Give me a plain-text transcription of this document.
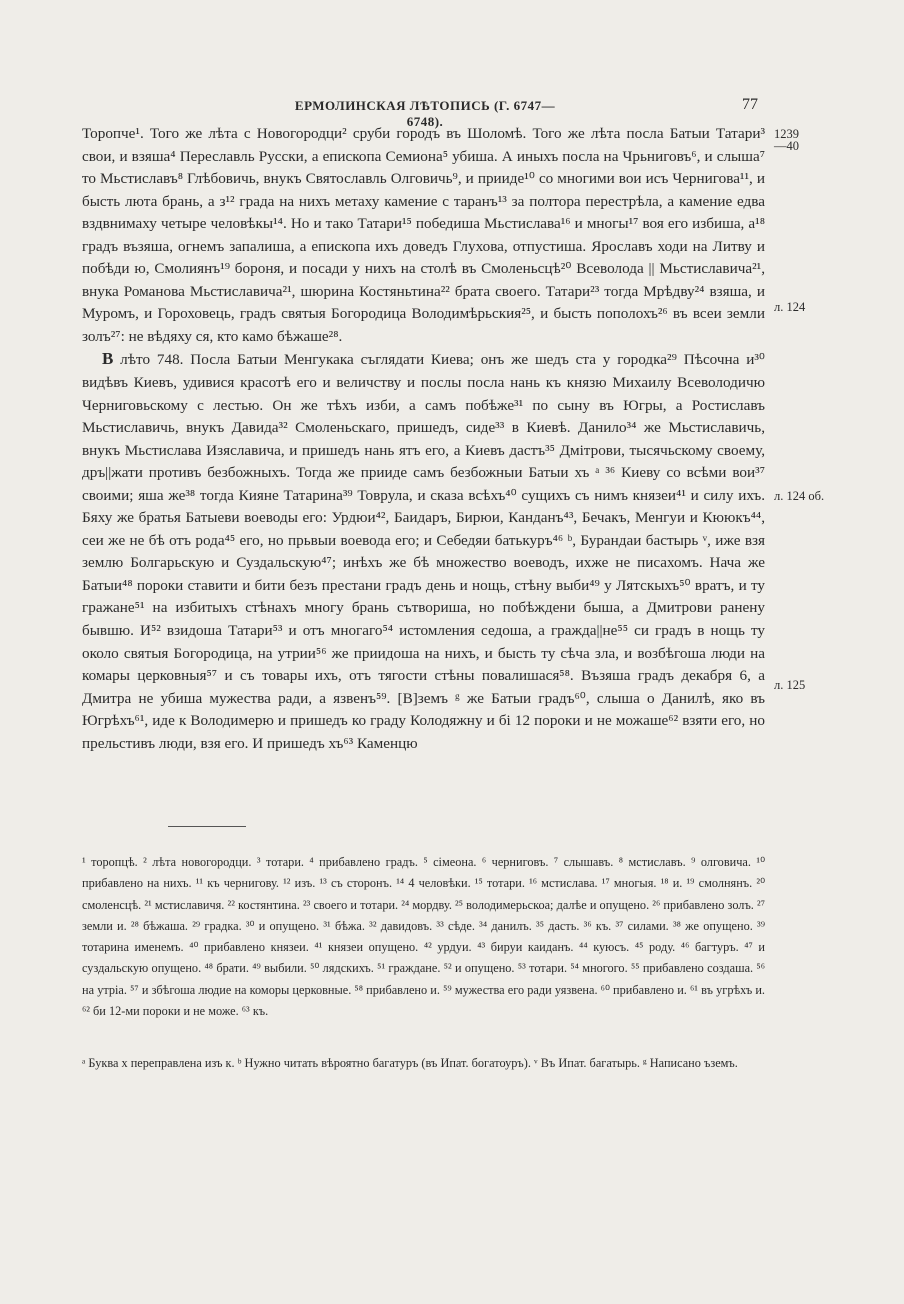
ЕРМОЛИНСКАЯ ЛѢТОПИСЬ (Г. 6747—6748).
77
1239
—40
л. 124
л. 124 об.
л. 125

Торопче¹. Того же лѣта с Новогородци² сруби городъ въ Шоломѣ. Того же лѣта посла Батыи Татари³ свои, и взяша⁴ Переславль Русски, а епископа Семиона⁵ убиша. А иныхъ посла на Чрьниговъ⁶, и слыша⁷ то Мьстиславъ⁸ Глѣбовичь, внукъ Святославль Олговичь⁹, и прииде¹⁰ со многими вои исъ Чернигова¹¹, и бысть люта брань, а з¹² града на нихъ метаху камение с таранъ¹³ за полтора перестрѣла, а камение едва вздвнимаху четыре человѣкы¹⁴. Но и тако Татари¹⁵ победиша Мьстислава¹⁶ и многы¹⁷ воя его избиша, а¹⁸ градъ възяша, огнемъ запалиша, а епископа ихъ доведъ Глухова, отпустиша. Ярославъ ходи на Литву и побѣди ю, Смолиянъ¹⁹ бороня, и посади у нихъ на столѣ въ Смоленьсцѣ²⁰ Всеволода || Мьстиславича²¹, внука Романова Мьстиславича²¹, шюрина Костяньтина²² брата своего. Татари²³ тогда Мрѣдву²⁴ взяша, и Муромъ, и Гороховець, градъ святыя Богородица Володимѣрьския²⁵, и бысть пополохъ²⁶ въ всеи земли золъ²⁷: не вѣдяху ся, кто камо бѣжаше²⁸.

В лѣто 748. Посла Батыи Менгукака съглядати Киева; онъ же шедъ ста у городка²⁹ Пѣсочна и³⁰ видѣвъ Киевъ, удивися красотѣ его и величству и послы посла нань къ князю Михаилу Всеволодичю Черниговьскому с лестью. Он же тѣхъ изби, а самъ побѣже³¹ по сыну въ Югры, а Ростиславъ Мьстиславичь, внукъ Давида³² Смоленьскаго, пришедъ, сиде³³ в Киевѣ. Данило³⁴ же Мьстиславичь, внукъ Мьстислава Изяславича, и пришедъ нань ятъ его, а Киевъ дастъ³⁵ Дмітрови, тысячьскому своему, дръ||жати противъ безбожныхъ. Тогда же прииде самъ безбожныи Батыи хъ ᵃ ³⁶ Киеву со всѣми вои³⁷ своими; яша же³⁸ тогда Кияне Татарина³⁹ Товрула, и сказа всѣхъ⁴⁰ сущихъ съ нимъ князеи⁴¹ и силу ихъ. Бяху же братья Батыеви воеводы его: Урдюи⁴², Баидаръ, Бирюи, Канданъ⁴³, Бечакъ, Менгуи и Кююкъ⁴⁴, сеи же не бѣ отъ рода⁴⁵ его, но прьвыи воевода его; и Себедяи батькуръ⁴⁶ ᵇ, Бурандаи бастырь ᵛ, иже взя землю Болгарьскую и Суздальскую⁴⁷; инѣхъ же бѣ множество воеводъ, ихже не писахомъ. Нача же Батыи⁴⁸ пороки ставити и бити безъ престани градъ день и нощь, стѣну выби⁴⁹ у Лятскыхъ⁵⁰ вратъ, и ту гражане⁵¹ на избитыхъ стѣнахъ многу брань сътвориша, но побѣждени быша, а Дмитрови ранену бывшю. И⁵² взидоша Татари⁵³ и отъ многаго⁵⁴ истомления седоша, а гражда||не⁵⁵ си градъ в нощь ту около святыя Богородица, на утрии⁵⁶ же приидоша на нихъ, и бысть ту сѣча зла, и возбѣгоша люди на комары церковныя⁵⁷ и съ товары ихъ, отъ тягости стѣны повалишася⁵⁸. Възяша градъ декабря 6, а Дмитра не убиша мужества ради, а язвенъ⁵⁹. [В]земъ ᵍ же Батыи градъ⁶⁰, слыша о Данилѣ, яко въ Югрѣхъ⁶¹, иде к Володимерю и пришедъ ко граду Колодяжну и бі 12 пороки и не можаше⁶² взяти его, но прельстивъ люди, взя его. И пришедъ хъ⁶³ Каменцю

¹ торопцѣ. ² лѣта новогородци. ³ тотари. ⁴ прибавлено градъ. ⁵ сімеона. ⁶ черниговъ. ⁷ слышавъ. ⁸ мстиславъ. ⁹ олговича. ¹⁰ прибавлено на нихъ. ¹¹ къ чернигову. ¹² изъ. ¹³ съ сторонъ. ¹⁴ 4 человѣки. ¹⁵ тотари. ¹⁶ мстислава. ¹⁷ многыя. ¹⁸ и. ¹⁹ смолнянъ. ²⁰ смоленсцѣ. ²¹ мстиславичя. ²² костянтина. ²³ своего и тотари. ²⁴ мордву. ²⁵ володимерьскоа; далѣе и опущено. ²⁶ прибавлено золъ. ²⁷ земли и. ²⁸ бѣжаша. ²⁹ градка. ³⁰ и опущено. ³¹ бѣжа. ³² давидовъ. ³³ сѣде. ³⁴ данилъ. ³⁵ дасть. ³⁶ къ. ³⁷ силами. ³⁸ же опущено. ³⁹ тотарина именемъ. ⁴⁰ прибавлено князеи. ⁴¹ князеи опущено. ⁴² урдуи. ⁴³ бируи каиданъ. ⁴⁴ куюсъ. ⁴⁵ роду. ⁴⁶ багтуръ. ⁴⁷ и суздальскую опущено. ⁴⁸ брати. ⁴⁹ выбили. ⁵⁰ лядскихъ. ⁵¹ граждане. ⁵² и опущено. ⁵³ тотари. ⁵⁴ многого. ⁵⁵ прибавлено создаша. ⁵⁶ на утріа. ⁵⁷ и збѣгоша людие на коморы церковные. ⁵⁸ прибавлено и. ⁵⁹ мужества его ради уязвена. ⁶⁰ прибавлено и. ⁶¹ въ угрѣхъ и. ⁶² би 12-ми пороки и не може. ⁶³ къ.

ᵃ Буква х переправлена изъ к. ᵇ Нужно читать вѣроятно багатуръ (въ Ипат. богатоуръ). ᵛ Въ Ипат. багатырь. ᵍ Написано ъземъ.
